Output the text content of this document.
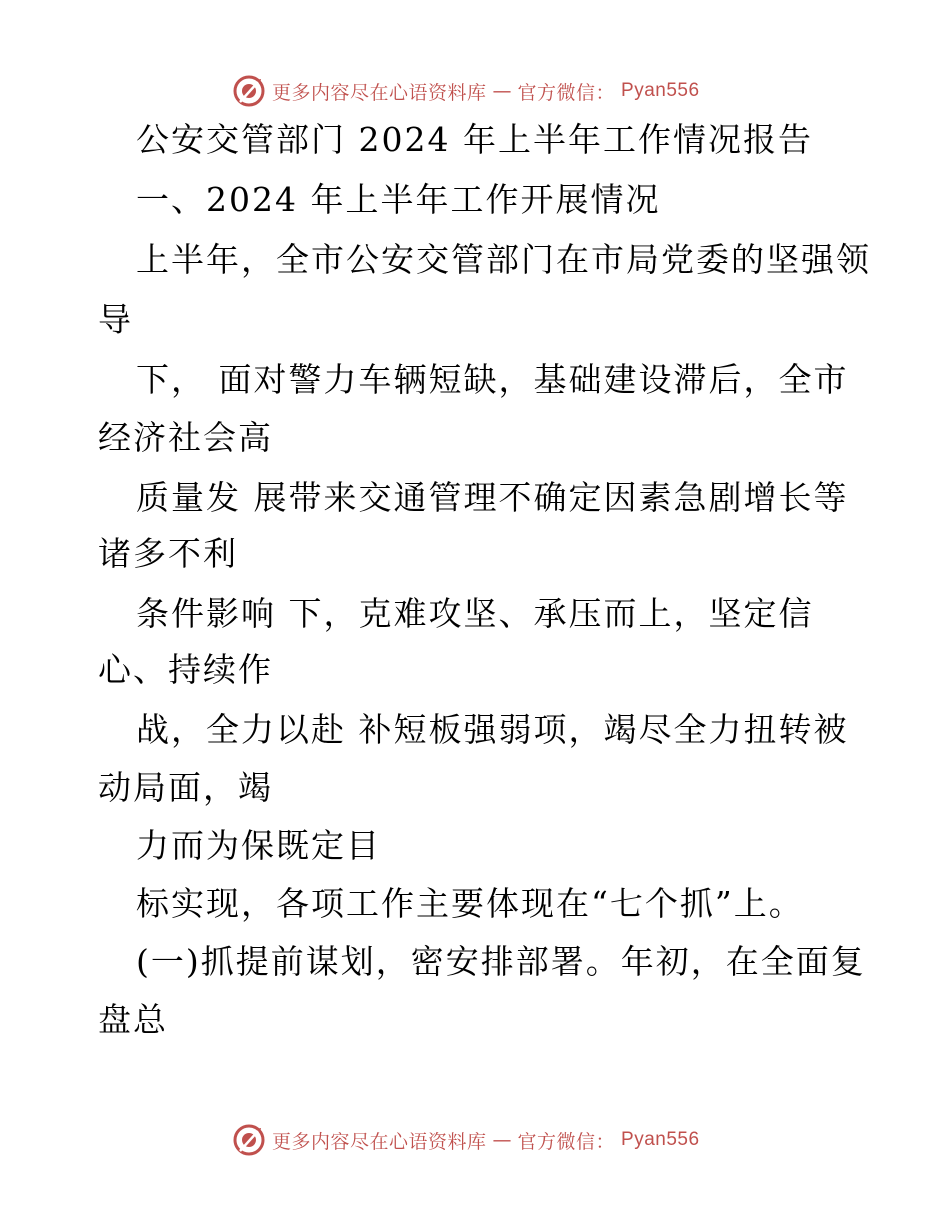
更多内容尽在心语资料库 — 官方微信： Pyan556
公安交管部门 2024 年上半年工作情况报告
一、2024 年上半年工作开展情况
上半年，全市公安交管部门在市局党委的坚强领
导
下， 面对警力车辆短缺，基础建设滞后，全市
经济社会高
质量发 展带来交通管理不确定因素急剧增长等
诸多不利
条件影响 下，克难攻坚、承压而上，坚定信
心、持续作
战，全力以赴 补短板强弱项，竭尽全力扭转被
动局面，竭
力而为保既定目
标实现，各项工作主要体现在“七个抓”上。
(一)抓提前谋划，密安排部署。年初，在全面复
盘总
更多内容尽在心语资料库 — 官方微信： Pyan556
